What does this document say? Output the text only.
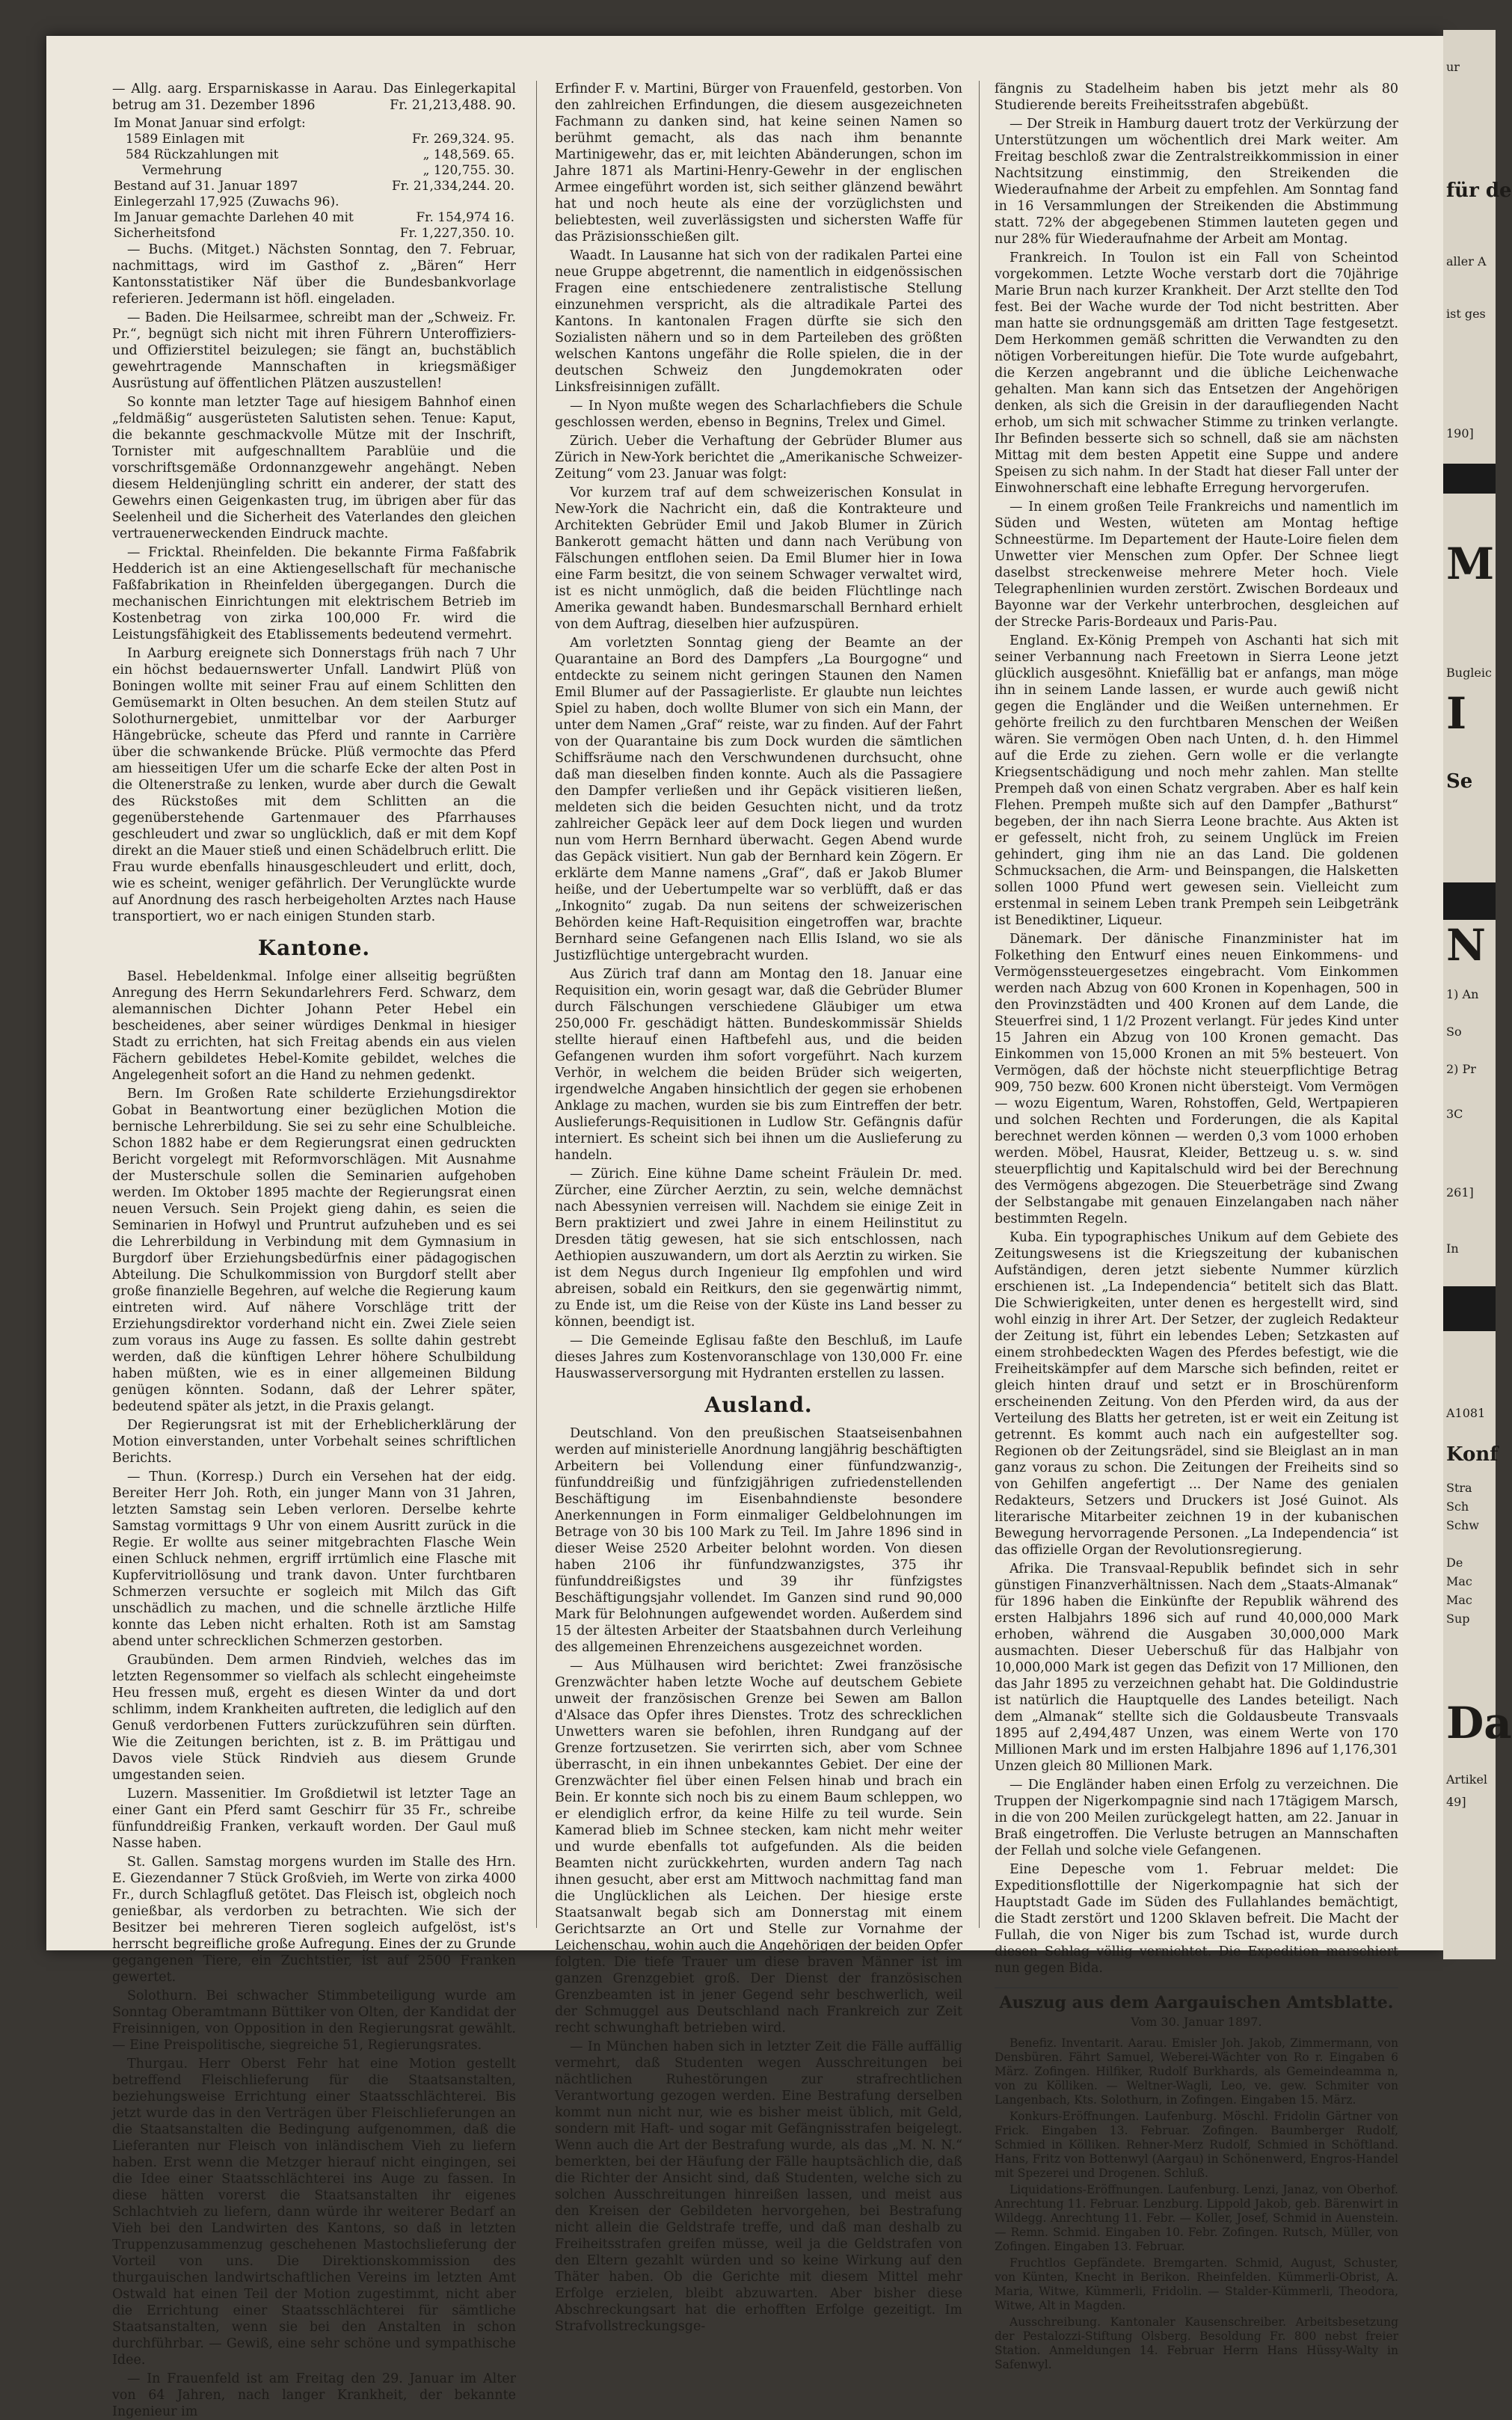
— Allg. aarg. Ersparniskasse in Aarau. Das Einlegerkapital betrug am 31. Dezember 1896	Fr. 21,213,488. 90.

Im Monat Januar sind erfolgt:	
1589 Einlagen mit	Fr. 269,324. 95.
584 Rückzahlungen mit	„ 148,569. 65.
Vermehrung	„ 120,755. 30.
Bestand auf 31. Januar 1897	Fr. 21,334,244. 20.
Einlegerzahl 17,925 (Zuwachs 96).	
Im Januar gemachte Darlehen 40 mit	Fr. 154,974 16.
Sicherheitsfond	Fr. 1,227,350. 10.

— Buchs. (Mitget.) Nächsten Sonntag, den 7. Februar, nachmittags, wird im Gasthof z. „Bären“ Herr Kantonsstatistiker Näf über die Bundesbankvorlage referieren. Jedermann ist höfl. eingeladen.

— Baden. Die Heilsarmee, schreibt man der „Schweiz. Fr. Pr.“, begnügt sich nicht mit ihren Führern Unteroffiziers- und Offizierstitel beizulegen; sie fängt an, buchstäblich gewehrtragende Mannschaften in kriegsmäßiger Ausrüstung auf öffentlichen Plätzen auszustellen!

So konnte man letzter Tage auf hiesigem Bahnhof einen „feldmäßig“ ausgerüsteten Salutisten sehen. Tenue: Kaput, die bekannte geschmackvolle Mütze mit der Inschrift, Tornister mit aufgeschnalltem Parablüie und die vorschriftsgemäße Ordonnanzgewehr angehängt. Neben diesem Heldenjüngling schritt ein anderer, der statt des Gewehrs einen Geigenkasten trug, im übrigen aber für das Seelenheil und die Sicherheit des Vaterlandes den gleichen vertrauenerweckenden Eindruck machte.

— Fricktal. Rheinfelden. Die bekannte Firma Faßfabrik Hedderich ist an eine Aktiengesellschaft für mechanische Faßfabrikation in Rheinfelden übergegangen. Durch die mechanischen Einrichtungen mit elektrischem Betrieb im Kostenbetrag von zirka 100,000 Fr. wird die Leistungsfähigkeit des Etablissements bedeutend vermehrt.

In Aarburg ereignete sich Donnerstags früh nach 7 Uhr ein höchst bedauernswerter Unfall. Landwirt Plüß von Boningen wollte mit seiner Frau auf einem Schlitten den Gemüsemarkt in Olten besuchen. An dem steilen Stutz auf Solothurnergebiet, unmittelbar vor der Aarburger Hängebrücke, scheute das Pferd und rannte in Carrière über die schwankende Brücke. Plüß vermochte das Pferd am hiesseitigen Ufer um die scharfe Ecke der alten Post in die Oltenerstraße zu lenken, wurde aber durch die Gewalt des Rückstoßes mit dem Schlitten an die gegenüberstehende Gartenmauer des Pfarrhauses geschleudert und zwar so unglücklich, daß er mit dem Kopf direkt an die Mauer stieß und einen Schädelbruch erlitt. Die Frau wurde ebenfalls hinausgeschleudert und erlitt, doch, wie es scheint, weniger gefährlich. Der Verunglückte wurde auf Anordnung des rasch herbeigeholten Arztes nach Hause transportiert, wo er nach einigen Stunden starb.

Kantone.

Basel. Hebeldenkmal. Infolge einer allseitig begrüßten Anregung des Herrn Sekundarlehrers Ferd. Schwarz, dem alemannischen Dichter Johann Peter Hebel ein bescheidenes, aber seiner würdiges Denkmal in hiesiger Stadt zu errichten, hat sich Freitag abends ein aus vielen Fächern gebildetes Hebel-Komite gebildet, welches die Angelegenheit sofort an die Hand zu nehmen gedenkt.

Bern. Im Großen Rate schilderte Erziehungsdirektor Gobat in Beantwortung einer bezüglichen Motion die bernische Lehrerbildung. Sie sei zu sehr eine Schulbleiche. Schon 1882 habe er dem Regierungsrat einen gedruckten Bericht vorgelegt mit Reformvorschlägen. Mit Ausnahme der Musterschule sollen die Seminarien aufgehoben werden. Im Oktober 1895 machte der Regierungsrat einen neuen Versuch. Sein Projekt gieng dahin, es seien die Seminarien in Hofwyl und Pruntrut aufzuheben und es sei die Lehrerbildung in Verbindung mit dem Gymnasium in Burgdorf über Erziehungsbedürfnis einer pädagogischen Abteilung. Die Schulkommission von Burgdorf stellt aber große finanzielle Begehren, auf welche die Regierung kaum eintreten wird. Auf nähere Vorschläge tritt der Erziehungsdirektor vorderhand nicht ein. Zwei Ziele seien zum voraus ins Auge zu fassen. Es sollte dahin gestrebt werden, daß die künftigen Lehrer höhere Schulbildung haben müßten, wie es in einer allgemeinen Bildung genügen könnten. Sodann, daß der Lehrer später, bedeutend später als jetzt, in die Praxis gelangt.

Der Regierungsrat ist mit der Erheblicherklärung der Motion einverstanden, unter Vorbehalt seines schriftlichen Berichts.

— Thun. (Korresp.) Durch ein Versehen hat der eidg. Bereiter Herr Joh. Roth, ein junger Mann von 31 Jahren, letzten Samstag sein Leben verloren. Derselbe kehrte Samstag vormittags 9 Uhr von einem Ausritt zurück in die Regie. Er wollte aus seiner mitgebrachten Flasche Wein einen Schluck nehmen, ergriff irrtümlich eine Flasche mit Kupfervitriollösung und trank davon. Unter furchtbaren Schmerzen versuchte er sogleich mit Milch das Gift unschädlich zu machen, und die schnelle ärztliche Hilfe konnte das Leben nicht erhalten. Roth ist am Samstag abend unter schrecklichen Schmerzen gestorben.

Graubünden. Dem armen Rindvieh, welches das im letzten Regensommer so vielfach als schlecht eingeheimste Heu fressen muß, ergeht es diesen Winter da und dort schlimm, indem Krankheiten auftreten, die lediglich auf den Genuß verdorbenen Futters zurückzuführen sein dürften. Wie die Zeitungen berichten, ist z. B. im Prättigau und Davos viele Stück Rindvieh aus diesem Grunde umgestanden seien.

Luzern. Massenitier. Im Großdietwil ist letzter Tage an einer Gant ein Pferd samt Geschirr für 35 Fr., schreibe fünfunddreißig Franken, verkauft worden. Der Gaul muß Nasse haben.

St. Gallen. Samstag morgens wurden im Stalle des Hrn. E. Giezendanner 7 Stück Großvieh, im Werte von zirka 4000 Fr., durch Schlagfluß getötet. Das Fleisch ist, obgleich noch genießbar, als verdorben zu betrachten. Wie sich der Besitzer bei mehreren Tieren sogleich aufgelöst, ist's herrscht begreifliche große Aufregung. Eines der zu Grunde gegangenen Tiere, ein Zuchtstier, ist auf 2500 Franken gewertet.

Solothurn. Bei schwacher Stimmbeteiligung wurde am Sonntag Oberamtmann Büttiker von Olten, der Kandidat der Freisinnigen, von Opposition in den Regierungsrat gewählt. — Eine Preispolitische, siegreiche 51, Regierungsrates.

Thurgau. Herr Oberst Fehr hat eine Motion gestellt betreffend Fleischlieferung für die Staatsanstalten, beziehungsweise Errichtung einer Staatsschlächterei. Bis jetzt wurde das in den Verträgen über Fleischlieferungen an die Staatsanstalten die Bedingung aufgenommen, daß die Lieferanten nur Fleisch von inländischem Vieh zu liefern haben. Erst wenn die Metzger hierauf nicht eingingen, sei die Idee einer Staatsschlächterei ins Auge zu fassen. In diese hätten vorerst die Staatsanstalten ihr eigenes Schlachtvieh zu liefern, dann würde ihr weiterer Bedarf an Vieh bei den Landwirten des Kantons, so daß in letzten Truppenzusammenzug geschehenen Mastochslieferung der Vorteil von uns. Die Direktionskommission des thurgauischen landwirtschaftlichen Vereins im letzten Amt Ostwald hat einen Teil der Motion zugestimmt, nicht aber die Errichtung einer Staatsschlächterei für sämtliche Staatsanstalten, wenn sie bei den Anstalten in schon durchführbar. — Gewiß, eine sehr schöne und sympathische Idee.

— In Frauenfeld ist am Freitag den 29. Januar im Alter von 64 Jahren, nach langer Krankheit, der bekannte Ingenieur im

Erfinder F. v. Martini, Bürger von Frauenfeld, gestorben. Von den zahlreichen Erfindungen, die diesem ausgezeichneten Fachmann zu danken sind, hat keine seinen Namen so berühmt gemacht, als das nach ihm benannte Martinigewehr, das er, mit leichten Abänderungen, schon im Jahre 1871 als Martini-Henry-Gewehr in der englischen Armee eingeführt worden ist, sich seither glänzend bewährt hat und noch heute als eine der vorzüglichsten und beliebtesten, weil zuverlässigsten und sichersten Waffe für das Präzisionsschießen gilt.

Waadt. In Lausanne hat sich von der radikalen Partei eine neue Gruppe abgetrennt, die namentlich in eidgenössischen Fragen eine entschiedenere zentralistische Stellung einzunehmen verspricht, als die altradikale Partei des Kantons. In kantonalen Fragen dürfte sie sich den Sozialisten nähern und so in dem Parteileben des größten welschen Kantons ungefähr die Rolle spielen, die in der deutschen Schweiz den Jungdemokraten oder Linksfreisinnigen zufällt.

— In Nyon mußte wegen des Scharlachfiebers die Schule geschlossen werden, ebenso in Begnins, Trelex und Gimel.

Zürich. Ueber die Verhaftung der Gebrüder Blumer aus Zürich in New-York berichtet die „Amerikanische Schweizer-Zeitung“ vom 23. Januar was folgt:

Vor kurzem traf auf dem schweizerischen Konsulat in New-York die Nachricht ein, daß die Kontrakteure und Architekten Gebrüder Emil und Jakob Blumer in Zürich Bankerott gemacht hätten und dann nach Verübung von Fälschungen entflohen seien. Da Emil Blumer hier in Iowa eine Farm besitzt, die von seinem Schwager verwaltet wird, ist es nicht unmöglich, daß die beiden Flüchtlinge nach Amerika gewandt haben. Bundesmarschall Bernhard erhielt von dem Auftrag, dieselben hier aufzuspüren.

Am vorletzten Sonntag gieng der Beamte an der Quarantaine an Bord des Dampfers „La Bourgogne“ und entdeckte zu seinem nicht geringen Staunen den Namen Emil Blumer auf der Passagierliste. Er glaubte nun leichtes Spiel zu haben, doch wollte Blumer von sich ein Mann, der unter dem Namen „Graf“ reiste, war zu finden. Auf der Fahrt von der Quarantaine bis zum Dock wurden die sämtlichen Schiffsräume nach den Verschwundenen durchsucht, ohne daß man dieselben finden konnte. Auch als die Passagiere den Dampfer verließen und ihr Gepäck visitieren ließen, meldeten sich die beiden Gesuchten nicht, und da trotz zahlreicher Gepäck leer auf dem Dock liegen und wurden nun vom Herrn Bernhard überwacht. Gegen Abend wurde das Gepäck visitiert. Nun gab der Bernhard kein Zögern. Er erklärte dem Manne namens „Graf“, daß er Jakob Blumer heiße, und der Uebertumpelte war so verblüfft, daß er das „Inkognito“ zugab. Da nun seitens der schweizerischen Behörden keine Haft-Requisition eingetroffen war, brachte Bernhard seine Gefangenen nach Ellis Island, wo sie als Justizflüchtige untergebracht wurden.

Aus Zürich traf dann am Montag den 18. Januar eine Requisition ein, worin gesagt war, daß die Gebrüder Blumer durch Fälschungen verschiedene Gläubiger um etwa 250,000 Fr. geschädigt hätten. Bundeskommissär Shields stellte hierauf einen Haftbefehl aus, und die beiden Gefangenen wurden ihm sofort vorgeführt. Nach kurzem Verhör, in welchem die beiden Brüder sich weigerten, irgendwelche Angaben hinsichtlich der gegen sie erhobenen Anklage zu machen, wurden sie bis zum Eintreffen der betr. Auslieferungs-Requisitionen in Ludlow Str. Gefängnis dafür interniert. Es scheint sich bei ihnen um die Auslieferung zu handeln.

— Zürich. Eine kühne Dame scheint Fräulein Dr. med. Zürcher, eine Zürcher Aerztin, zu sein, welche demnächst nach Abessynien verreisen will. Nachdem sie einige Zeit in Bern praktiziert und zwei Jahre in einem Heilinstitut zu Dresden tätig gewesen, hat sie sich entschlossen, nach Aethiopien auszuwandern, um dort als Aerztin zu wirken. Sie ist dem Negus durch Ingenieur Ilg empfohlen und wird abreisen, sobald ein Reitkurs, den sie gegenwärtig nimmt, zu Ende ist, um die Reise von der Küste ins Land besser zu können, beendigt ist.

— Die Gemeinde Eglisau faßte den Beschluß, im Laufe dieses Jahres zum Kostenvoranschlage von 130,000 Fr. eine Hauswasserversorgung mit Hydranten erstellen zu lassen.

Ausland.

Deutschland. Von den preußischen Staatseisenbahnen werden auf ministerielle Anordnung langjährig beschäftigten Arbeitern bei Vollendung einer fünfundzwanzig-, fünfunddreißig und fünfzigjährigen zufriedenstellenden Beschäftigung im Eisenbahndienste besondere Anerkennungen in Form einmaliger Geldbelohnungen im Betrage von 30 bis 100 Mark zu Teil. Im Jahre 1896 sind in dieser Weise 2520 Arbeiter belohnt worden. Von diesen haben 2106 ihr fünfundzwanzigstes, 375 ihr fünfunddreißigstes und 39 ihr fünfzigstes Beschäftigungsjahr vollendet. Im Ganzen sind rund 90,000 Mark für Belohnungen aufgewendet worden. Außerdem sind 15 der ältesten Arbeiter der Staatsbahnen durch Verleihung des allgemeinen Ehrenzeichens ausgezeichnet worden.

— Aus Mülhausen wird berichtet: Zwei französische Grenzwächter haben letzte Woche auf deutschem Gebiete unweit der französischen Grenze bei Sewen am Ballon d'Alsace das Opfer ihres Dienstes. Trotz des schrecklichen Unwetters waren sie befohlen, ihren Rundgang auf der Grenze fortzusetzen. Sie verirrten sich, aber vom Schnee überrascht, in ein ihnen unbekanntes Gebiet. Der eine der Grenzwächter fiel über einen Felsen hinab und brach ein Bein. Er konnte sich noch bis zu einem Baum schleppen, wo er elendiglich erfror, da keine Hilfe zu teil wurde. Sein Kamerad blieb im Schnee stecken, kam nicht mehr weiter und wurde ebenfalls tot aufgefunden. Als die beiden Beamten nicht zurückkehrten, wurden andern Tag nach ihnen gesucht, aber erst am Mittwoch nachmittag fand man die Unglücklichen als Leichen. Der hiesige erste Staatsanwalt begab sich am Donnerstag mit einem Gerichtsarzte an Ort und Stelle zur Vornahme der Leichenschau, wohin auch die Angehörigen der beiden Opfer folgten. Die tiefe Trauer um diese braven Männer ist im ganzen Grenzgebiet groß. Der Dienst der französischen Grenzbeamten ist in jener Gegend sehr beschwerlich, weil der Schmuggel aus Deutschland nach Frankreich zur Zeit recht schwunghaft betrieben wird.

— In München haben sich in letzter Zeit die Fälle auffällig vermehrt, daß Studenten wegen Ausschreitungen bei nächtlichen Ruhestörungen zur strafrechtlichen Verantwortung gezogen werden. Eine Bestrafung derselben kommt nun nicht nur, wie es bisher meist üblich, mit Geld, sondern mit Haft- und sogar mit Gefängnisstrafen beigelegt. Wenn auch die Art der Bestrafung wurde, als das „M. N. N.“ bemerkten, bei der Häufung der Fälle hauptsächlich die, daß die Richter der Ansicht sind, daß Studenten, welche sich zu solchen Ausschreitungen hinreißen lassen, und meist aus den Kreisen der Gebildeten hervorgehen, bei Bestrafung nicht allein die Geldstrafe treffe, und daß man deshalb zu Freiheitsstrafen greifen müsse, weil ja die Geldstrafen von den Eltern gezahlt würden und so keine Wirkung auf den Thäter haben. Ob die Gerichte mit diesem Mittel mehr Erfolge erzielen, bleibt abzuwarten. Aber bisher diese Abschreckungsart hat die erhofften Erfolge gezeitigt. Im Strafvollstreckungsge-

fängnis zu Stadelheim haben bis jetzt mehr als 80 Studierende bereits Freiheitsstrafen abgebüßt.

— Der Streik in Hamburg dauert trotz der Verkürzung der Unterstützungen um wöchentlich drei Mark weiter. Am Freitag beschloß zwar die Zentralstreikkommission in einer Nachtsitzung einstimmig, den Streikenden die Wiederaufnahme der Arbeit zu empfehlen. Am Sonntag fand in 16 Versammlungen der Streikenden die Abstimmung statt. 72% der abgegebenen Stimmen lauteten gegen und nur 28% für Wiederaufnahme der Arbeit am Montag.

Frankreich. In Toulon ist ein Fall von Scheintod vorgekommen. Letzte Woche verstarb dort die 70jährige Marie Brun nach kurzer Krankheit. Der Arzt stellte den Tod fest. Bei der Wache wurde der Tod nicht bestritten. Aber man hatte sie ordnungsgemäß am dritten Tage festgesetzt. Dem Herkommen gemäß schritten die Verwandten zu den nötigen Vorbereitungen hiefür. Die Tote wurde aufgebahrt, die Kerzen angebrannt und die übliche Leichenwache gehalten. Man kann sich das Entsetzen der Angehörigen denken, als sich die Greisin in der daraufliegenden Nacht erhob, um sich mit schwacher Stimme zu trinken verlangte. Ihr Befinden besserte sich so schnell, daß sie am nächsten Mittag mit dem besten Appetit eine Suppe und andere Speisen zu sich nahm. In der Stadt hat dieser Fall unter der Einwohnerschaft eine lebhafte Erregung hervorgerufen.

— In einem großen Teile Frankreichs und namentlich im Süden und Westen, wüteten am Montag heftige Schneestürme. Im Departement der Haute-Loire fielen dem Unwetter vier Menschen zum Opfer. Der Schnee liegt daselbst streckenweise mehrere Meter hoch. Viele Telegraphenlinien wurden zerstört. Zwischen Bordeaux und Bayonne war der Verkehr unterbrochen, desgleichen auf der Strecke Paris-Bordeaux und Paris-Pau.

England. Ex-König Prempeh von Aschanti hat sich mit seiner Verbannung nach Freetown in Sierra Leone jetzt glücklich ausgesöhnt. Kniefällig bat er anfangs, man möge ihn in seinem Lande lassen, er wurde auch gewiß nicht gegen die Engländer und die Weißen unternehmen. Er gehörte freilich zu den furchtbaren Menschen der Weißen wären. Sie vermögen Oben nach Unten, d. h. den Himmel auf die Erde zu ziehen. Gern wolle er die verlangte Kriegsentschädigung und noch mehr zahlen. Man stellte Prempeh daß von einen Schatz vergraben. Aber es half kein Flehen. Prempeh mußte sich auf den Dampfer „Bathurst“ begeben, der ihn nach Sierra Leone brachte. Aus Akten ist er gefesselt, nicht froh, zu seinem Unglück im Freien gehindert, ging ihm nie an das Land. Die goldenen Schmucksachen, die Arm- und Beinspangen, die Halsketten sollen 1000 Pfund wert gewesen sein. Vielleicht zum erstenmal in seinem Leben trank Prempeh sein Leibgetränk ist Benediktiner, Liqueur.

Dänemark. Der dänische Finanzminister hat im Folkething den Entwurf eines neuen Einkommens- und Vermögenssteuergesetzes eingebracht. Vom Einkommen werden nach Abzug von 600 Kronen in Kopenhagen, 500 in den Provinzstädten und 400 Kronen auf dem Lande, die Steuerfrei sind, 1 1/2 Prozent verlangt. Für jedes Kind unter 15 Jahren ein Abzug von 100 Kronen gemacht. Das Einkommen von 15,000 Kronen an mit 5% besteuert. Von Vermögen, daß der höchste nicht steuerpflichtige Betrag 909, 750 bezw. 600 Kronen nicht übersteigt. Vom Vermögen — wozu Eigentum, Waren, Rohstoffen, Geld, Wertpapieren und solchen Rechten und Forderungen, die als Kapital berechnet werden können — werden 0,3 vom 1000 erhoben werden. Möbel, Hausrat, Kleider, Bettzeug u. s. w. sind steuerpflichtig und Kapitalschuld wird bei der Berechnung des Vermögens abgezogen. Die Steuerbeträge sind Zwang der Selbstangabe mit genauen Einzelangaben nach näher bestimmten Regeln.

Kuba. Ein typographisches Unikum auf dem Gebiete des Zeitungswesens ist die Kriegszeitung der kubanischen Aufständigen, deren jetzt siebente Nummer kürzlich erschienen ist. „La Independencia“ betitelt sich das Blatt. Die Schwierigkeiten, unter denen es hergestellt wird, sind wohl einzig in ihrer Art. Der Setzer, der zugleich Redakteur der Zeitung ist, führt ein lebendes Leben; Setzkasten auf einem strohbedeckten Wagen des Pferdes befestigt, wie die Freiheitskämpfer auf dem Marsche sich befinden, reitet er gleich hinten drauf und setzt er in Broschürenform erscheinenden Zeitung. Von den Pferden wird, da aus der Verteilung des Blatts her getreten, ist er weit ein Zeitung ist getrennt. Es kommt auch nach ein aufgestellter sog. Regionen ob der Zeitungsrädel, sind sie Bleiglast an in man ganz voraus zu schon. Die Zeitungen der Freiheits sind so von Gehilfen angefertigt ... Der Name des genialen Redakteurs, Setzers und Druckers ist José Guinot. Als literarische Mitarbeiter zeichnen 19 in der kubanischen Bewegung hervorragende Personen. „La Independencia“ ist das offizielle Organ der Revolutionsregierung.

Afrika. Die Transvaal-Republik befindet sich in sehr günstigen Finanzverhältnissen. Nach dem „Staats-Almanak“ für 1896 haben die Einkünfte der Republik während des ersten Halbjahrs 1896 sich auf rund 40,000,000 Mark erhoben, während die Ausgaben 30,000,000 Mark ausmachten. Dieser Ueberschuß für das Halbjahr von 10,000,000 Mark ist gegen das Defizit von 17 Millionen, den das Jahr 1895 zu verzeichnen gehabt hat. Die Goldindustrie ist natürlich die Hauptquelle des Landes beteiligt. Nach dem „Almanak“ stellte sich die Goldausbeute Transvaals 1895 auf 2,494,487 Unzen, was einem Werte von 170 Millionen Mark und im ersten Halbjahre 1896 auf 1,176,301 Unzen gleich 80 Millionen Mark.

— Die Engländer haben einen Erfolg zu verzeichnen. Die Truppen der Nigerkompagnie sind nach 17tägigem Marsch, in die von 200 Meilen zurückgelegt hatten, am 22. Januar in Braß eingetroffen. Die Verluste betrugen an Mannschaften der Fellah und solche viele Gefangenen.

Eine Depesche vom 1. Februar meldet: Die Expeditionsflottille der Nigerkompagnie hat sich der Hauptstadt Gade im Süden des Fullahlandes bemächtigt, die Stadt zerstört und 1200 Sklaven befreit. Die Macht der Fullah, die von Niger bis zum Tschad ist, wurde durch diesen Schlag völlig vernichtet. Die Expedition marschiert nun gegen Bida.

Auszug aus dem Aargauischen Amtsblatte.
Vom 30. Januar 1897.

Benefiz. Inventarit. Aarau. Emisler Joh. Jakob, Zimmermann, von Densbüren. Fährt Samuel, Weberei-Wächter von Ro r. Eingaben 6 März. Zofingen. Hilfiker, Rudolf Burkhards, als Gemeindeamma n, von zu Kölliken. — Weltner-Wagli, Leo, ve. gew. Schmiter von Langenbach, Kts. Solothurn, in Zofingen. Eingaben 15. März.

Konkurs-Eröffnungen. Laufenburg. Möschl. Fridolin Gärtner von Frick. Eingaben 13. Februar. Zofingen. Baumberger Rudolf, Schmied in Kölliken. Rehner-Merz Rudolf, Schmied in Schöftland. Hans, Fritz von Bottenwyl (Aargau) in Schönenwerd, Engros-Handel mit Spezerei und Drogenen. Schluß.

Liquidations-Eröffnungen. Laufenburg. Lenzi, Janaz, von Oberhof. Anrechtung 11. Februar. Lenzburg. Lippold Jakob, geb. Bärenwirt in Wildegg. Anrechtung 11. Febr. — Koller, Josef, Schmid in Auenstein. — Remn. Schmid. Eingaben 10. Febr. Zofingen. Rutsch, Müller, von Zofingen. Eingaben 13. Februar.

Fruchtlos Gepfändete. Bremgarten. Schmid, August, Schuster, von Künten, Knecht in Berikon. Rheinfelden. Kümmerli-Obrist, A. Maria, Witwe, Kümmerli, Fridolin. — Stalder-Kümmerli, Theodora, Witwe, Alt in Magden.

Ausschreibung. Kantonaler Kausenschreiber. Arbeitsbesetzung der Pestalozzi-Stiftung Olsberg. Besoldung Fr. 800 nebst freier Station. Anmeldungen 14. Februar Herrn Hans Hüssy-Walty in Safenwyl.

ur
für de
aller A
ist ges
190]
M
Bugleic
I
Se
N
1) An
So
2) Pr
3C
261]
In
A1081
Konf
Stra
Sch
Schw
De
Mac
Mac
Sup
Da
Artikel
49]
